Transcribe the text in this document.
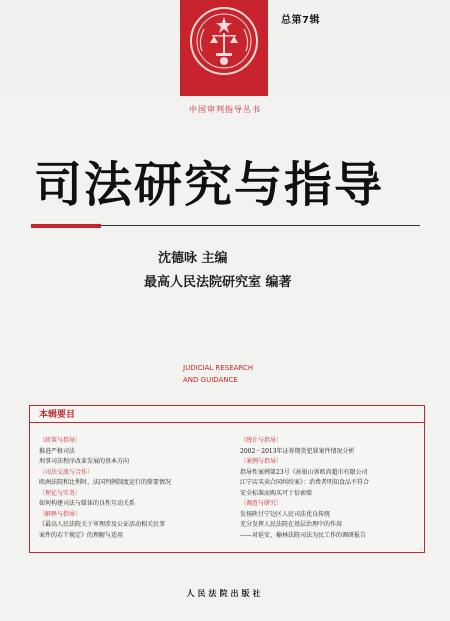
总第7辑
中国审判指导丛书
司法研究与指导
沈德咏 主编
最高人民法院研究室 编著
JUDICIAL RESEARCH
AND GUIDANCE
本辑要目
〔政策与指导〕
推进严格司法
刑事司法程序改革发展的基本方向
〔司法交流与合作〕
欧洲法院和比利时、法国判例制度运行的简要情况
〔理论与实务〕
如何构建司法与媒体的良性互动关系
〔解释与指导〕
《最高人民法院关于审理涉及公证活动相关民事
案件的若干规定》的理解与适用
〔统计与指导〕
2002－2013年证券期货犯罪案件情况分析
〔案例与指导〕
指导性案例第23号《孙银山诉欧尚超市有限公司
江宁店买卖合同纠纷案》：消费者明知食品不符合
安全标准而购买可十倍索赔
〔调查与研究〕
发扬陕甘宁边区人民司法优良传统
充分发挥人民法院在基层治理中的作用
——对延安、榆林法院司法为民工作的调研报告
人民法院出版社
